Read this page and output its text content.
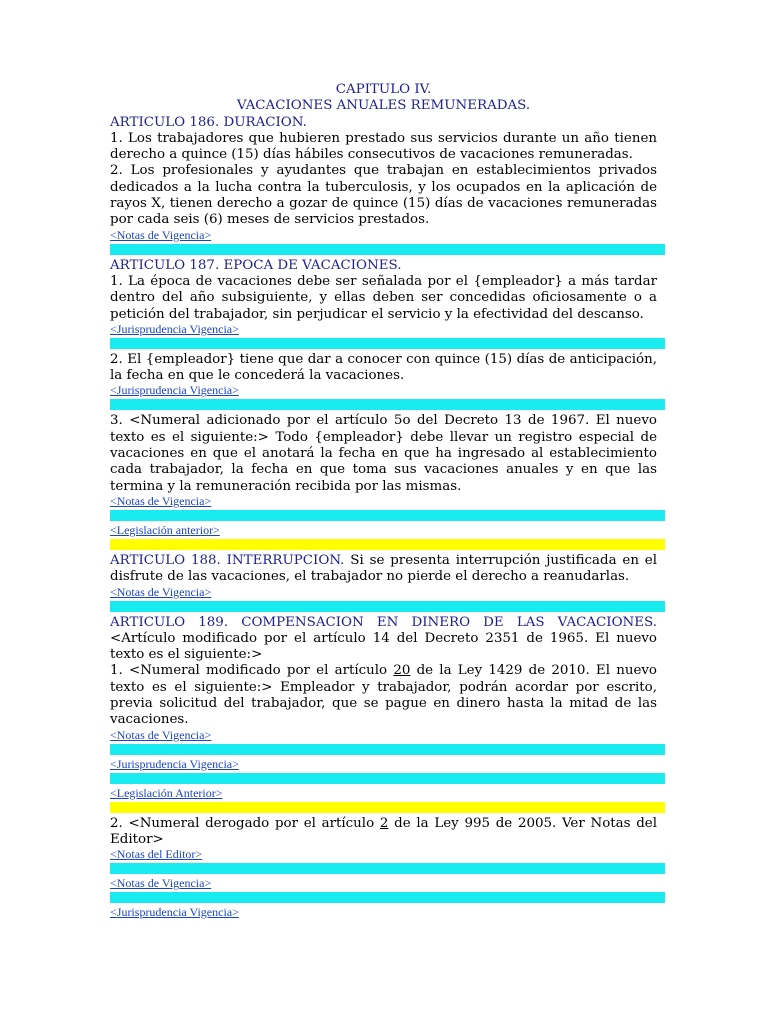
CAPITULO IV.
VACACIONES ANUALES REMUNERADAS.
ARTICULO 186. DURACION.
1. Los trabajadores que hubieren prestado sus servicios durante un año tienen derecho a quince (15) días hábiles consecutivos de vacaciones remuneradas.
2. Los profesionales y ayudantes que trabajan en establecimientos privados dedicados a la lucha contra la tuberculosis, y los ocupados en la aplicación de rayos X, tienen derecho a gozar de quince (15) días de vacaciones remuneradas por cada seis (6) meses de servicios prestados.
<Notas de Vigencia>
ARTICULO 187. EPOCA DE VACACIONES.
1. La época de vacaciones debe ser señalada por el {empleador} a más tardar dentro del año subsiguiente, y ellas deben ser concedidas oficiosamente o a petición del trabajador, sin perjudicar el servicio y la efectividad del descanso.
<Jurisprudencia Vigencia>
2. El {empleador} tiene que dar a conocer con quince (15) días de anticipación, la fecha en que le concederá la vacaciones.
<Jurisprudencia Vigencia>
3. <Numeral adicionado por el artículo 5o del Decreto 13 de 1967. El nuevo texto es el siguiente:> Todo {empleador} debe llevar un registro especial de vacaciones en que el anotará la fecha en que ha ingresado al establecimiento cada trabajador, la fecha en que toma sus vacaciones anuales y en que las termina y la remuneración recibida por las mismas.
<Notas de Vigencia>
<Legislación anterior>
ARTICULO 188. INTERRUPCION. Si se presenta interrupción justificada en el disfrute de las vacaciones, el trabajador no pierde el derecho a reanudarlas.
<Notas de Vigencia>
ARTICULO 189. COMPENSACION EN DINERO DE LAS VACACIONES. <Artículo modificado por el artículo 14 del Decreto 2351 de 1965. El nuevo texto es el siguiente:>
1. <Numeral modificado por el artículo 20 de la Ley 1429 de 2010. El nuevo texto es el siguiente:> Empleador y trabajador, podrán acordar por escrito, previa solicitud del trabajador, que se pague en dinero hasta la mitad de las vacaciones.
<Notas de Vigencia>
<Jurisprudencia Vigencia>
<Legislación Anterior>
2. <Numeral derogado por el artículo 2 de la Ley 995 de 2005. Ver Notas del Editor>
<Notas del Editor>
<Notas de Vigencia>
<Jurisprudencia Vigencia>
